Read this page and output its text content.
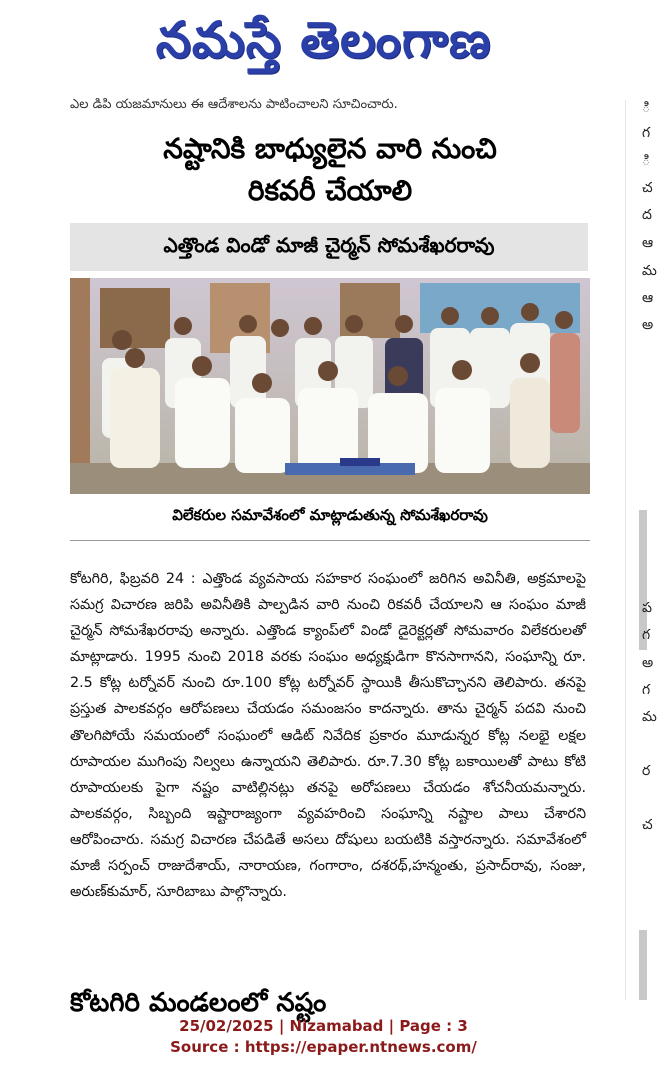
నమస్తే తెలంగాణ
ఎల డిపి యజమానులు ఈ ఆదేశాలను పాటించాలని సూచించారు.	ి
గ
ి
చ
ద
ఆ
మ
ఆ
అ
ప
గ
అ
గ
మ
ర
చ
నష్టానికి బాధ్యులైన వారి నుంచి
రికవరీ చేయాలి
ఎత్తొండ విండో మాజీ చైర్మన్ సోమశేఖరరావు
విలేకరుల సమావేశంలో మాట్లాడుతున్న సోమశేఖరరావు

కోటగిరి, ఫిబ్రవరి 24 : ఎత్తొండ వ్యవసాయ సహకార సంఘంలో జరిగిన అవినీతి, అక్రమాలపై సమగ్ర విచారణ జరిపి అవినీతికి పాల్పడిన వారి నుంచి రికవరీ చేయాలని ఆ సంఘం మాజీ చైర్మన్ సోమశేఖరరావు అన్నారు. ఎత్తొండ క్యాంప్‌లో విండో డైరెక్టర్లతో సోమవారం విలేకరులతో మాట్లాడారు. 1995 నుంచి 2018 వరకు సంఘం అధ్యక్షుడిగా కొనసాగానని, సంఘాన్ని రూ. 2.5 కోట్ల టర్నోవర్ నుంచి రూ.100 కోట్ల టర్నోవర్ స్థాయికి తీసుకొచ్చానని తెలిపారు. తనపై ప్రస్తుత పాలకవర్గం ఆరోపణలు చేయడం సమంజసం కాదన్నారు. తాను చైర్మన్ పదవి నుంచి తొలగిపోయే సమయంలో సంఘంలో ఆడిట్ నివేదిక ప్రకారం మూడున్నర కోట్ల నలభై లక్షల రూపాయల ముగింపు నిల్వలు ఉన్నాయని తెలిపారు. రూ.7.30 కోట్ల బకాయిలతో పాటు కోటి రూపాయలకు పైగా నష్టం వాటిల్లినట్లు తనపై అరోపణలు చేయడం శోచనీయమన్నారు. పాలకవర్గం, సిబ్బంది ఇష్టారాజ్యంగా వ్యవహరించి సంఘాన్ని నష్టాల పాలు చేశారని ఆరోపించారు. సమగ్ర విచారణ చేపడితే అసలు దోషులు బయటికి వస్తారన్నారు. సమావేశంలో మాజీ సర్పంచ్ రాజుదేశాయ్, నారాయణ, గంగారాం, దశరథ్,హన్మంతు, ప్రసాద్‌రావు, సంజు, అరుణ్‌కుమార్, సూరిబాబు పాల్గొన్నారు.

కోటగిరి మండలంలో నష్టం
25/02/2025 | Nizamabad | Page : 3
Source : https://epaper.ntnews.com/
